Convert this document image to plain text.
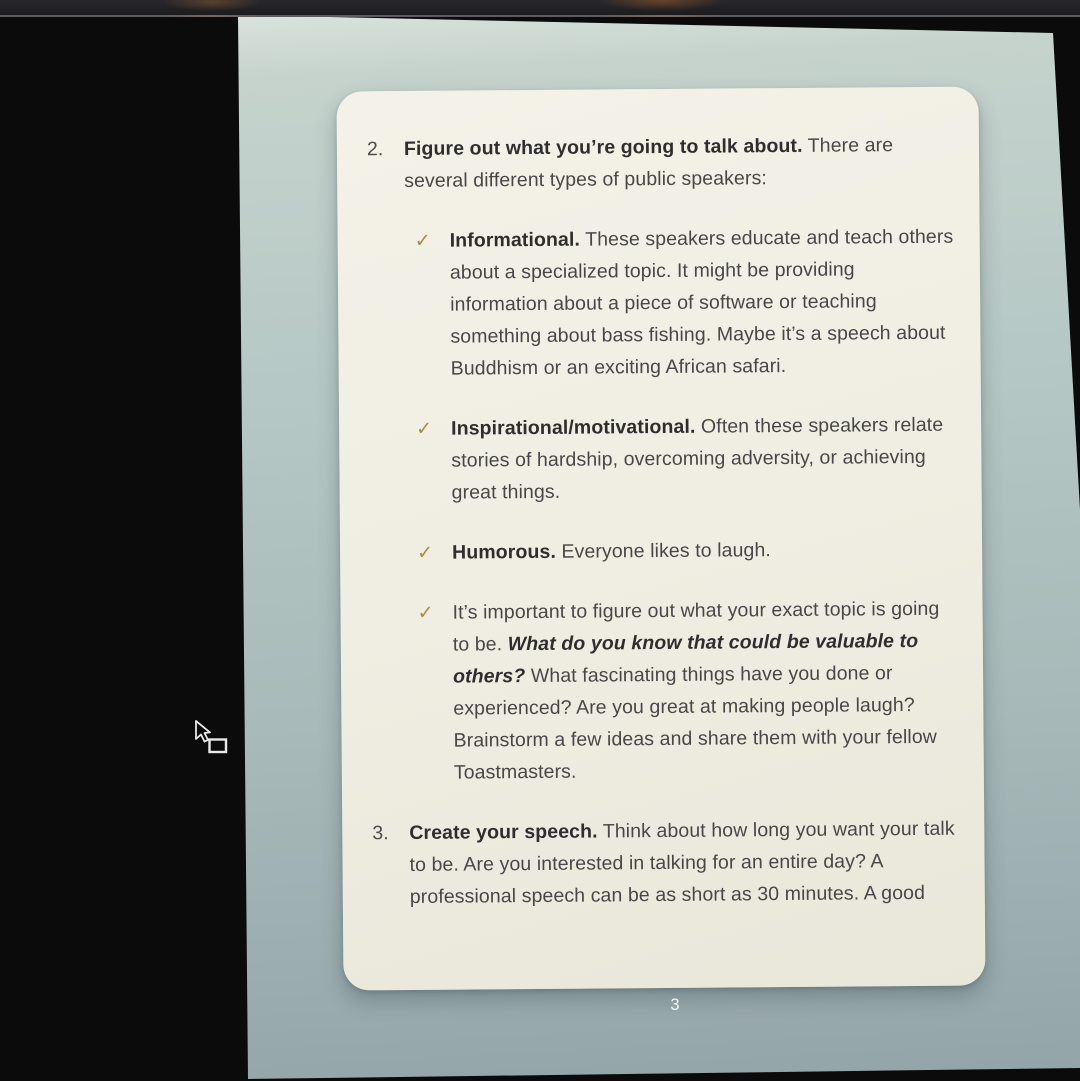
2.	Figure out what you’re going to talk about. There are several different types of public speakers:
✓ Informational. These speakers educate and teach others about a specialized topic. It might be providing information about a piece of software or teaching something about bass fishing. Maybe it’s a speech about Buddhism or an exciting African safari.
✓ Inspirational/motivational. Often these speakers relate stories of hardship, overcoming adversity, or achieving great things.
✓ Humorous. Everyone likes to laugh.
✓ It’s important to figure out what your exact topic is going to be. What do you know that could be valuable to others? What fascinating things have you done or experienced? Are you great at making people laugh? Brainstorm a few ideas and share them with your fellow Toastmasters.
3.	Create your speech. Think about how long you want your talk to be. Are you interested in talking for an entire day? A professional speech can be as short as 30 minutes. A good
3
